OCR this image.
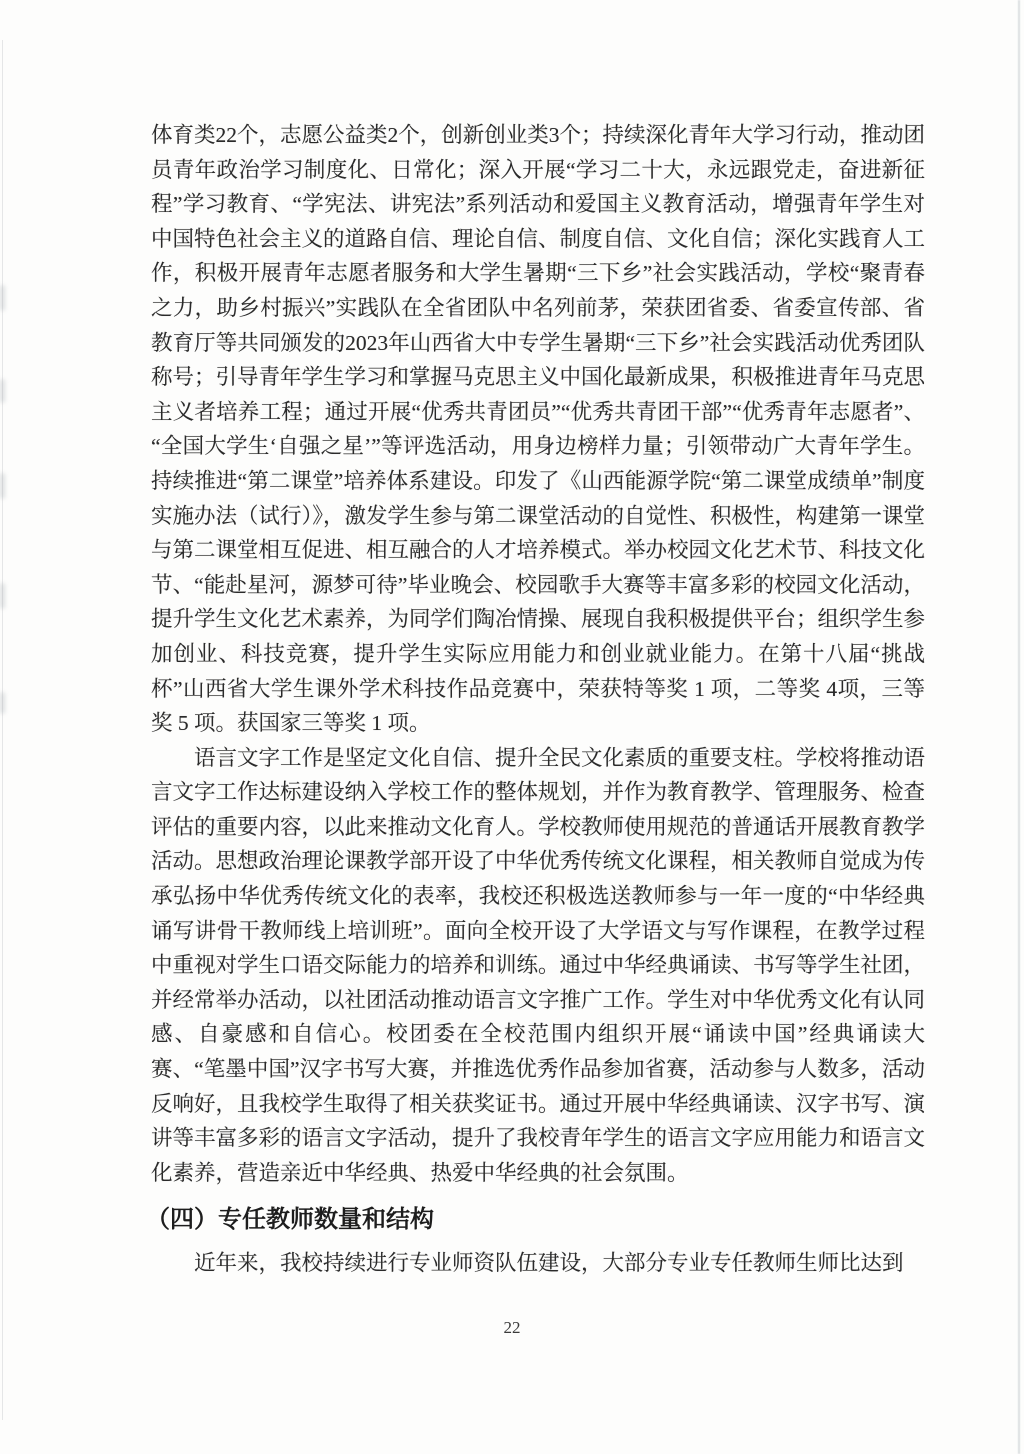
体育类22个，志愿公益类2个，创新创业类3个；持续深化青年大学习行动，推动团员青年政治学习制度化、日常化；深入开展“学习二十大，永远跟党走，奋进新征程”学习教育、“学宪法、讲宪法”系列活动和爱国主义教育活动，增强青年学生对中国特色社会主义的道路自信、理论自信、制度自信、文化自信；深化实践育人工作，积极开展青年志愿者服务和大学生暑期“三下乡”社会实践活动，学校“聚青春之力，助乡村振兴”实践队在全省团队中名列前茅，荣获团省委、省委宣传部、省教育厅等共同颁发的2023年山西省大中专学生暑期“三下乡”社会实践活动优秀团队称号；引导青年学生学习和掌握马克思主义中国化最新成果，积极推进青年马克思主义者培养工程；通过开展“优秀共青团员”“优秀共青团干部”“优秀青年志愿者”、 “全国大学生‘自强之星’”等评选活动，用身边榜样力量；引领带动广大青年学生。持续推进“第二课堂”培养体系建设。印发了《山西能源学院“第二课堂成绩单”制度实施办法（试行）》，激发学生参与第二课堂活动的自觉性、积极性，构建第一课堂与第二课堂相互促进、相互融合的人才培养模式。举办校园文化艺术节、科技文化节、“能赴星河，源梦可待”毕业晚会、校园歌手大赛等丰富多彩的校园文化活动，提升学生文化艺术素养，为同学们陶冶情操、展现自我积极提供平台；组织学生参加创业、科技竞赛，提升学生实际应用能力和创业就业能力。在第十八届“挑战杯”山西省大学生课外学术科技作品竞赛中，荣获特等奖 1 项，二等奖 4项，三等奖 5 项。获国家三等奖 1 项。

语言文字工作是坚定文化自信、提升全民文化素质的重要支柱。学校将推动语言文字工作达标建设纳入学校工作的整体规划，并作为教育教学、管理服务、检查评估的重要内容，以此来推动文化育人。学校教师使用规范的普通话开展教育教学活动。思想政治理论课教学部开设了中华优秀传统文化课程，相关教师自觉成为传承弘扬中华优秀传统文化的表率，我校还积极选送教师参与一年一度的“中华经典诵写讲骨干教师线上培训班”。面向全校开设了大学语文与写作课程，在教学过程中重视对学生口语交际能力的培养和训练。通过中华经典诵读、书写等学生社团，并经常举办活动，以社团活动推动语言文字推广工作。学生对中华优秀文化有认同感、自豪感和自信心。校团委在全校范围内组织开展“诵读中国”经典诵读大赛、“笔墨中国”汉字书写大赛，并推选优秀作品参加省赛，活动参与人数多，活动反响好，且我校学生取得了相关获奖证书。通过开展中华经典诵读、汉字书写、演讲等丰富多彩的语言文字活动，提升了我校青年学生的语言文字应用能力和语言文化素养，营造亲近中华经典、热爱中华经典的社会氛围。

（四）专任教师数量和结构

近年来，我校持续进行专业师资队伍建设，大部分专业专任教师生师比达到

22
